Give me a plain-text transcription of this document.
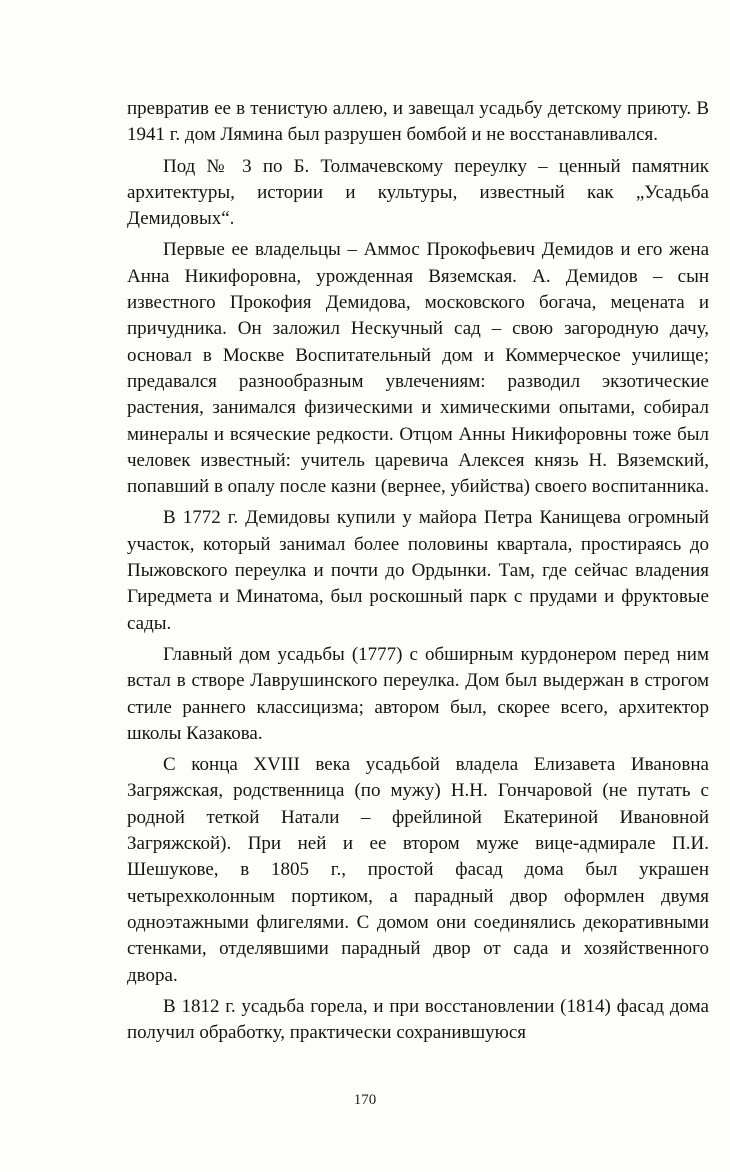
превратив ее в тенистую аллею, и завещал усадьбу детскому приюту. В 1941 г. дом Лямина был разрушен бомбой и не восстанавливался.

Под № 3 по Б. Толмачевскому переулку – ценный памятник архитектуры, истории и культуры, известный как „Усадьба Демидовых“.

Первые ее владельцы – Аммос Прокофьевич Демидов и его жена Анна Никифоровна, урожденная Вяземская. А. Демидов – сын известного Прокофия Демидова, московского богача, мецената и причудника. Он заложил Нескучный сад – свою загородную дачу, основал в Москве Воспитательный дом и Коммерческое училище; предавался разнообразным увлечениям: разводил экзотические растения, занимался физическими и химическими опытами, собирал минералы и всяческие редкости. Отцом Анны Никифоровны тоже был человек известный: учитель царевича Алексея князь Н. Вяземский, попавший в опалу после казни (вернее, убийства) своего воспитанника.

В 1772 г. Демидовы купили у майора Петра Канищева огромный участок, который занимал более половины квартала, простираясь до Пыжовского переулка и почти до Ордынки. Там, где сейчас владения Гиредмета и Минатома, был роскошный парк с прудами и фруктовые сады.

Главный дом усадьбы (1777) с обширным курдонером перед ним встал в створе Лаврушинского переулка. Дом был выдержан в строгом стиле раннего классицизма; автором был, скорее всего, архитектор школы Казакова.

С конца XVIII века усадьбой владела Елизавета Ивановна Загряжская, родственница (по мужу) Н.Н. Гончаровой (не путать с родной теткой Натали – фрейлиной Екатериной Ивановной Загряжской). При ней и ее втором муже вице-адмирале П.И. Шешукове, в 1805 г., простой фасад дома был украшен четырехколонным портиком, а парадный двор оформлен двумя одноэтажными флигелями. С домом они соединялись декоративными стенками, отделявшими парадный двор от сада и хозяйственного двора.

В 1812 г. усадьба горела, и при восстановлении (1814) фасад дома получил обработку, практически сохранившуюся

170
